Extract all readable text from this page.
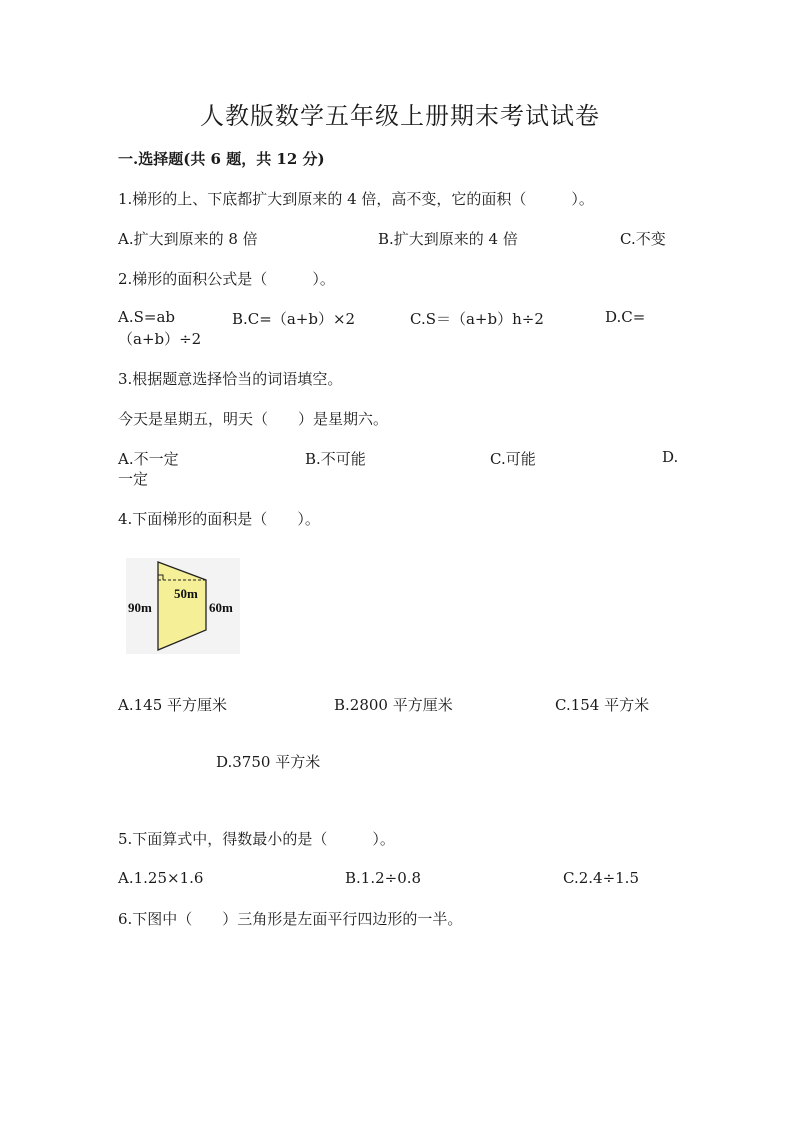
人教版数学五年级上册期末考试试卷
一.选择题(共 6 题，共 12 分)
1.梯形的上、下底都扩大到原来的 4 倍，高不变，它的面积（　　　）。
A.扩大到原来的 8 倍	B.扩大到原来的 4 倍	C.不变
2.梯形的面积公式是（　　　）。
A.S=ab	B.C=（a+b）×2	C.S＝（a+b）h÷2	D.C=
（a+b）÷2
3.根据题意选择恰当的词语填空。
今天是星期五，明天（　　）是星期六。
A.不一定	B.不可能	C.可能	D.
一定
4.下面梯形的面积是（　　）。
50m
90m	60m
A.145 平方厘米	B.2800 平方厘米	C.154 平方米
D.3750 平方米
5.下面算式中，得数最小的是（　　　）。
A.1.25×1.6	B.1.2÷0.8	C.2.4÷1.5
6.下图中（　　）三角形是左面平行四边形的一半。
